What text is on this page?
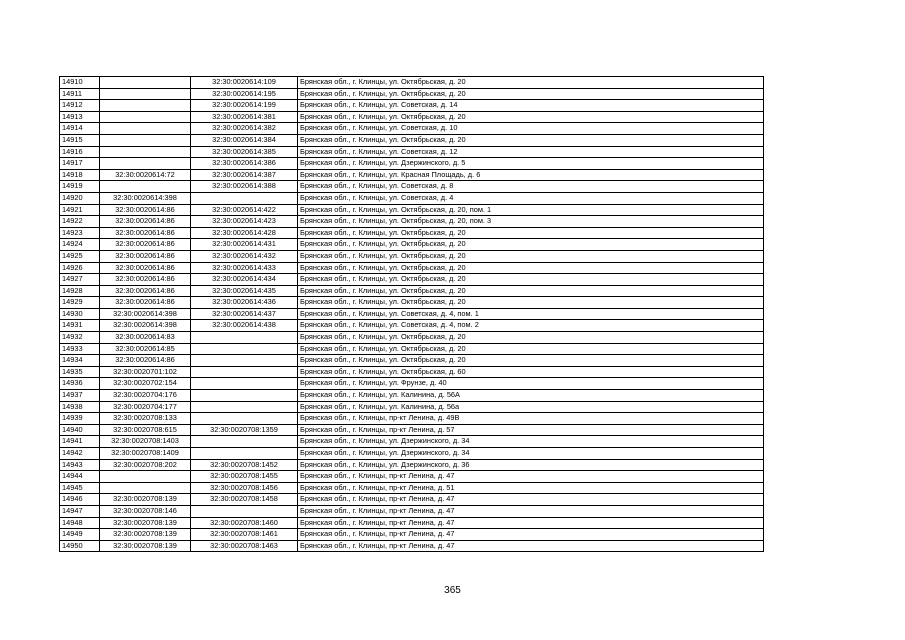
14910		32:30:0020614:109	Брянская обл., г. Клинцы, ул. Октябрьская, д. 20
14911		32:30:0020614:195	Брянская обл., г. Клинцы, ул. Октябрьская, д. 20
14912		32:30:0020614:199	Брянская обл., г. Клинцы, ул. Советская, д. 14
14913		32:30:0020614:381	Брянская обл., г. Клинцы, ул. Октябрьская, д. 20
14914		32:30:0020614:382	Брянская обл., г. Клинцы, ул. Советская, д. 10
14915		32:30:0020614:384	Брянская обл., г. Клинцы, ул. Октябрьская, д. 20
14916		32:30:0020614:385	Брянская обл., г. Клинцы, ул. Советская, д. 12
14917		32:30:0020614:386	Брянская обл., г. Клинцы, ул. Дзержинского, д. 5
14918	32:30:0020614:72	32:30:0020614:387	Брянская обл., г. Клинцы, ул. Красная Площадь, д. 6
14919		32:30:0020614:388	Брянская обл., г. Клинцы, ул. Советская, д. 8
14920	32:30:0020614:398		Брянская обл., г. Клинцы, ул. Советская, д. 4
14921	32:30:0020614:86	32:30:0020614:422	Брянская обл., г. Клинцы, ул. Октябрьская, д. 20, пом. 1
14922	32:30:0020614:86	32:30:0020614:423	Брянская обл., г. Клинцы, ул. Октябрьская, д. 20, пом. 3
14923	32:30:0020614:86	32:30:0020614:428	Брянская обл., г. Клинцы, ул. Октябрьская, д. 20
14924	32:30:0020614:86	32:30:0020614:431	Брянская обл., г. Клинцы, ул. Октябрьская, д. 20
14925	32:30:0020614:86	32:30:0020614:432	Брянская обл., г. Клинцы, ул. Октябрьская, д. 20
14926	32:30:0020614:86	32:30:0020614:433	Брянская обл., г. Клинцы, ул. Октябрьская, д. 20
14927	32:30:0020614:86	32:30:0020614:434	Брянская обл., г. Клинцы, ул. Октябрьская, д. 20
14928	32:30:0020614:86	32:30:0020614:435	Брянская обл., г. Клинцы, ул. Октябрьская, д. 20
14929	32:30:0020614:86	32:30:0020614:436	Брянская обл., г. Клинцы, ул. Октябрьская, д. 20
14930	32:30:0020614:398	32:30:0020614:437	Брянская обл., г. Клинцы, ул. Советская, д. 4, пом. 1
14931	32:30:0020614:398	32:30:0020614:438	Брянская обл., г. Клинцы, ул. Советская, д. 4, пом. 2
14932	32:30:0020614:83		Брянская обл., г. Клинцы, ул. Октябрьская, д. 20
14933	32:30:0020614:85		Брянская обл., г. Клинцы, ул. Октябрьская, д. 20
14934	32:30:0020614:86		Брянская обл., г. Клинцы, ул. Октябрьская, д. 20
14935	32:30:0020701:102		Брянская обл., г. Клинцы, ул. Октябрьская, д. 60
14936	32:30:0020702:154		Брянская обл., г. Клинцы, ул. Фрунзе, д. 40
14937	32:30:0020704:176		Брянская обл., г. Клинцы, ул. Калинина, д. 56А
14938	32:30:0020704:177		Брянская обл., г. Клинцы, ул. Калинина, д. 56а
14939	32:30:0020708:133		Брянская обл., г. Клинцы, пр-кт Ленина, д. 49В
14940	32:30:0020708:615	32:30:0020708:1359	Брянская обл., г. Клинцы, пр-кт Ленина, д. 57
14941	32:30:0020708:1403		Брянская обл., г. Клинцы, ул. Дзержинского, д. 34
14942	32:30:0020708:1409		Брянская обл., г. Клинцы, ул. Дзержинского, д. 34
14943	32:30:0020708:202	32:30:0020708:1452	Брянская обл., г. Клинцы, ул. Дзержинского, д. 36
14944		32:30:0020708:1455	Брянская обл., г. Клинцы, пр-кт Ленина, д. 47
14945		32:30:0020708:1456	Брянская обл., г. Клинцы, пр-кт Ленина, д. 51
14946	32:30:0020708:139	32:30:0020708:1458	Брянская обл., г. Клинцы, пр-кт Ленина, д. 47
14947	32:30:0020708:146		Брянская обл., г. Клинцы, пр-кт Ленина, д. 47
14948	32:30:0020708:139	32:30:0020708:1460	Брянская обл., г. Клинцы, пр-кт Ленина, д. 47
14949	32:30:0020708:139	32:30:0020708:1461	Брянская обл., г. Клинцы, пр-кт Ленина, д. 47
14950	32:30:0020708:139	32:30:0020708:1463	Брянская обл., г. Клинцы, пр-кт Ленина, д. 47
365
